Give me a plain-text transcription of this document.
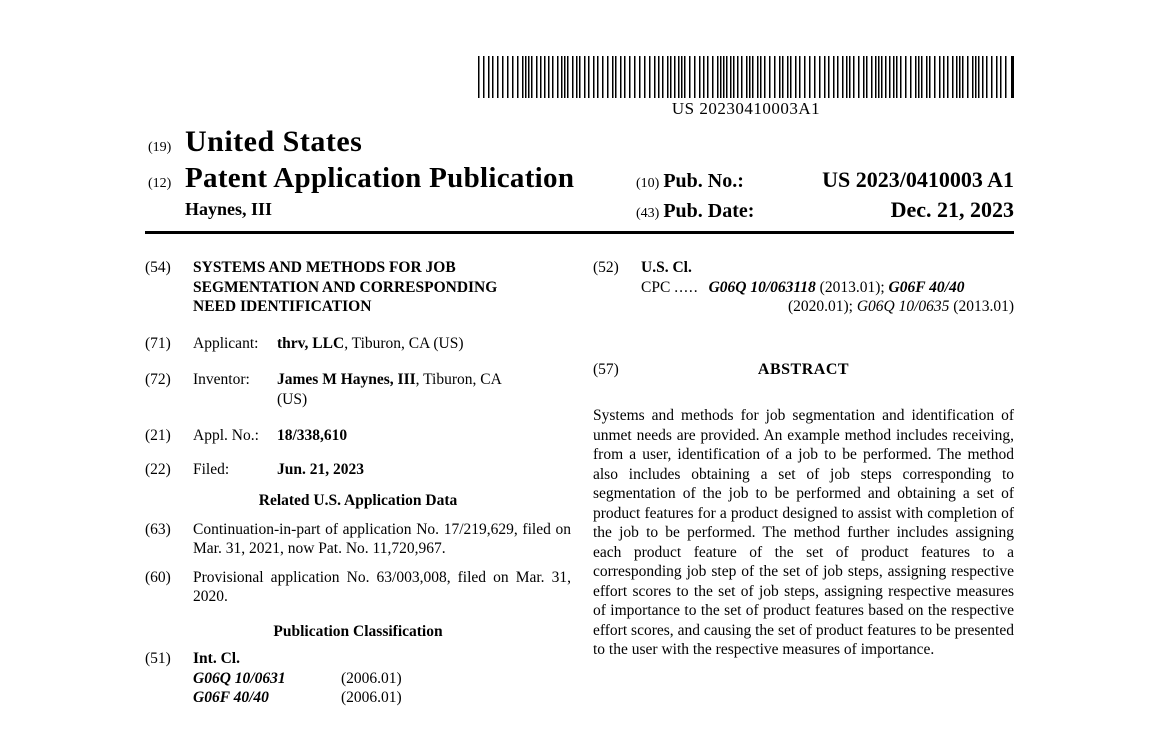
US 20230410003A1
(19) United States
(12) Patent Application Publication
Haynes, III
(10) Pub. No.:	US 2023/0410003 A1
(43) Pub. Date:	Dec. 21, 2023
(54)	SYSTEMS AND METHODS FOR JOB SEGMENTATION AND CORRESPONDING NEED IDENTIFICATION
(71)	Applicant: thrv, LLC, Tiburon, CA (US)
(72)	Inventor: James M Haynes, III, Tiburon, CA (US)
(21)	Appl. No.: 18/338,610
(22)	Filed:	Jun. 21, 2023
Related U.S. Application Data
(63)	Continuation-in-part of application No. 17/219,629, filed on Mar. 31, 2021, now Pat. No. 11,720,967.
(60)	Provisional application No. 63/003,008, filed on Mar. 31, 2020.
Publication Classification
(51)	Int. Cl.
G06Q 10/0631	(2006.01)
G06F 40/40	(2006.01)
(52)	U.S. Cl.
CPC ..... G06Q 10/063118 (2013.01); G06F 40/40
(2020.01); G06Q 10/0635 (2013.01)
(57)	ABSTRACT
Systems and methods for job segmentation and identification of unmet needs are provided. An example method includes receiving, from a user, identification of a job to be performed. The method also includes obtaining a set of job steps corresponding to segmentation of the job to be performed and obtaining a set of product features for a product designed to assist with completion of the job to be performed. The method further includes assigning each product feature of the set of product features to a corresponding job step of the set of job steps, assigning respective effort scores to the set of job steps, assigning respective measures of importance to the set of product features based on the respective effort scores, and causing the set of product features to be presented to the user with the respective measures of importance.
